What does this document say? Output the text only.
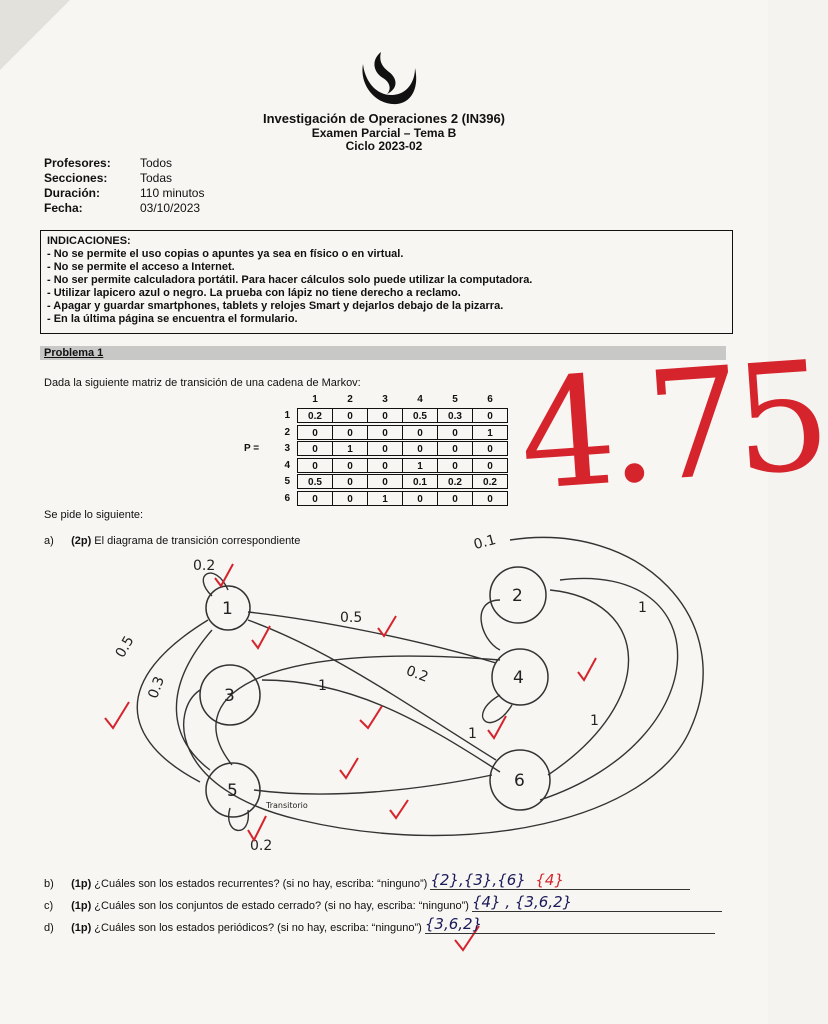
Investigación de Operaciones 2 (IN396)
Examen Parcial – Tema B
Ciclo 2023-02
Profesores:	Todos
Secciones:	Todas
Duración:	110 minutos
Fecha:	03/10/2023
INDICACIONES:
- No se permite el uso copias o apuntes ya sea en físico o en virtual.
- No se permite el acceso a Internet.
- No ser permite calculadora portátil. Para hacer cálculos solo puede utilizar la computadora.
- Utilizar lapicero azul o negro. La prueba con lápiz no tiene derecho a reclamo.
- Apagar y guardar smartphones, tablets y relojes Smart y dejarlos debajo de la pizarra.
- En la última página se encuentra el formulario.
Problema 1
Dada la siguiente matriz de transición de una cadena de Markov:
P =
1	2	3	4	5	6
1	0.2	0	0	0.5	0.3	0
2	0	0	0	0	0	1
3	0	1	0	0	0	0
4	0	0	0	1	0	0
5	0.5	0	0	0.1	0.2	0.2
6	0	0	1	0	0	0
Se pide lo siguiente:
a) (2p) El diagrama de transición correspondiente
1
2
3
4
5	6
0.2
0.5
0.3
0.5
0.2
1
1
1
0.1
1
0.2
Transitorio
4.75
b) (1p) ¿Cuáles son los estados recurrentes? (si no hay, escriba: “ninguno”) {2},{3},{6} {4}
c) (1p) ¿Cuáles son los conjuntos de estado cerrado? (si no hay, escriba: “ninguno”) {4} , {3,6,2}
d) (1p) ¿Cuáles son los estados periódicos? (si no hay, escriba: “ninguno”) {3,6,2}
